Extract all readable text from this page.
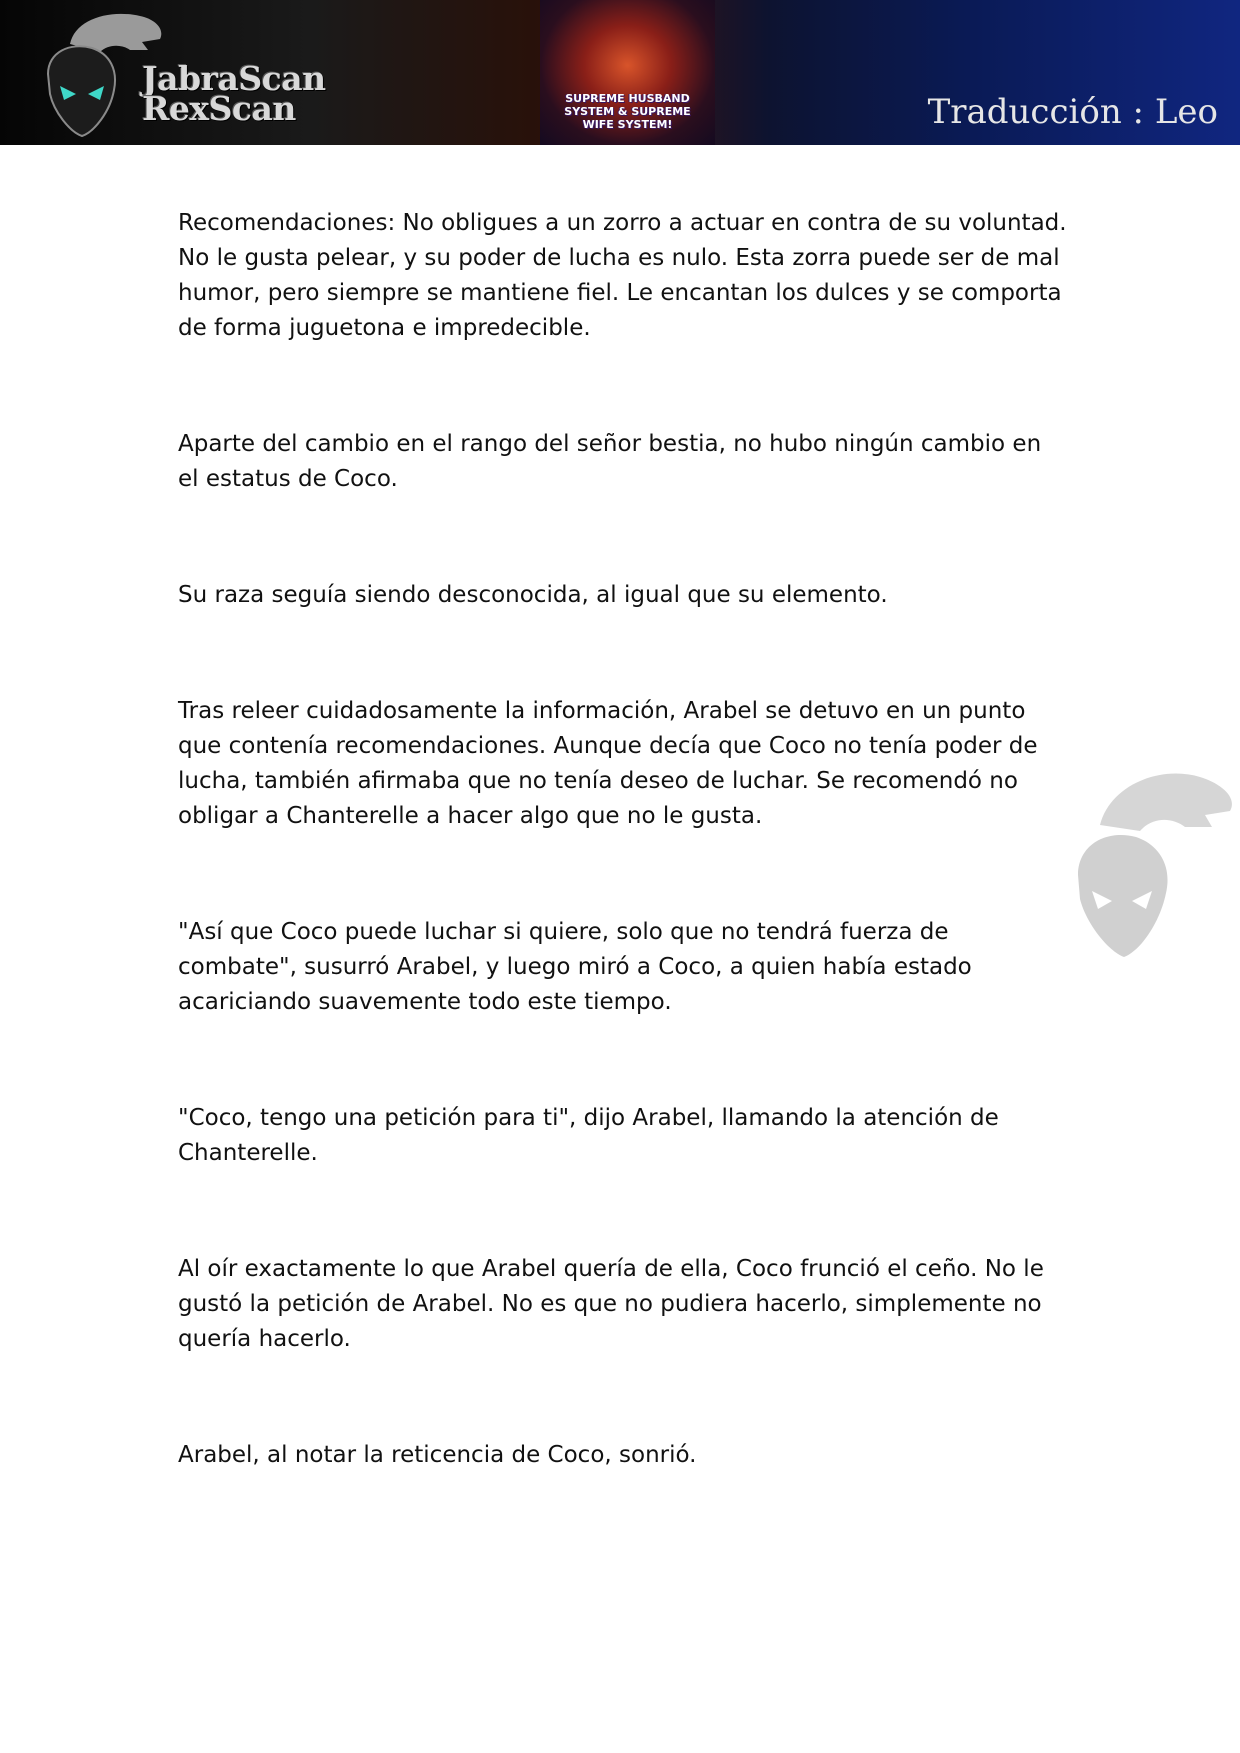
JabraScan
RexScan	SUPREME HUSBAND
SYSTEM & SUPREME
WIFE SYSTEM!	Traducción : Leo

Recomendaciones: No obligues a un zorro a actuar en contra de su voluntad. No le gusta pelear, y su poder de lucha es nulo. Esta zorra puede ser de mal humor, pero siempre se mantiene fiel. Le encantan los dulces y se comporta de forma juguetona e impredecible.

Aparte del cambio en el rango del señor bestia, no hubo ningún cambio en el estatus de Coco.

Su raza seguía siendo desconocida, al igual que su elemento.

Tras releer cuidadosamente la información, Arabel se detuvo en un punto que contenía recomendaciones. Aunque decía que Coco no tenía poder de lucha, también afirmaba que no tenía deseo de luchar. Se recomendó no obligar a Chanterelle a hacer algo que no le gusta.

"Así que Coco puede luchar si quiere, solo que no tendrá fuerza de combate", susurró Arabel, y luego miró a Coco, a quien había estado acariciando suavemente todo este tiempo.

"Coco, tengo una petición para ti", dijo Arabel, llamando la atención de Chanterelle.

Al oír exactamente lo que Arabel quería de ella, Coco frunció el ceño. No le gustó la petición de Arabel. No es que no pudiera hacerlo, simplemente no quería hacerlo.

Arabel, al notar la reticencia de Coco, sonrió.
